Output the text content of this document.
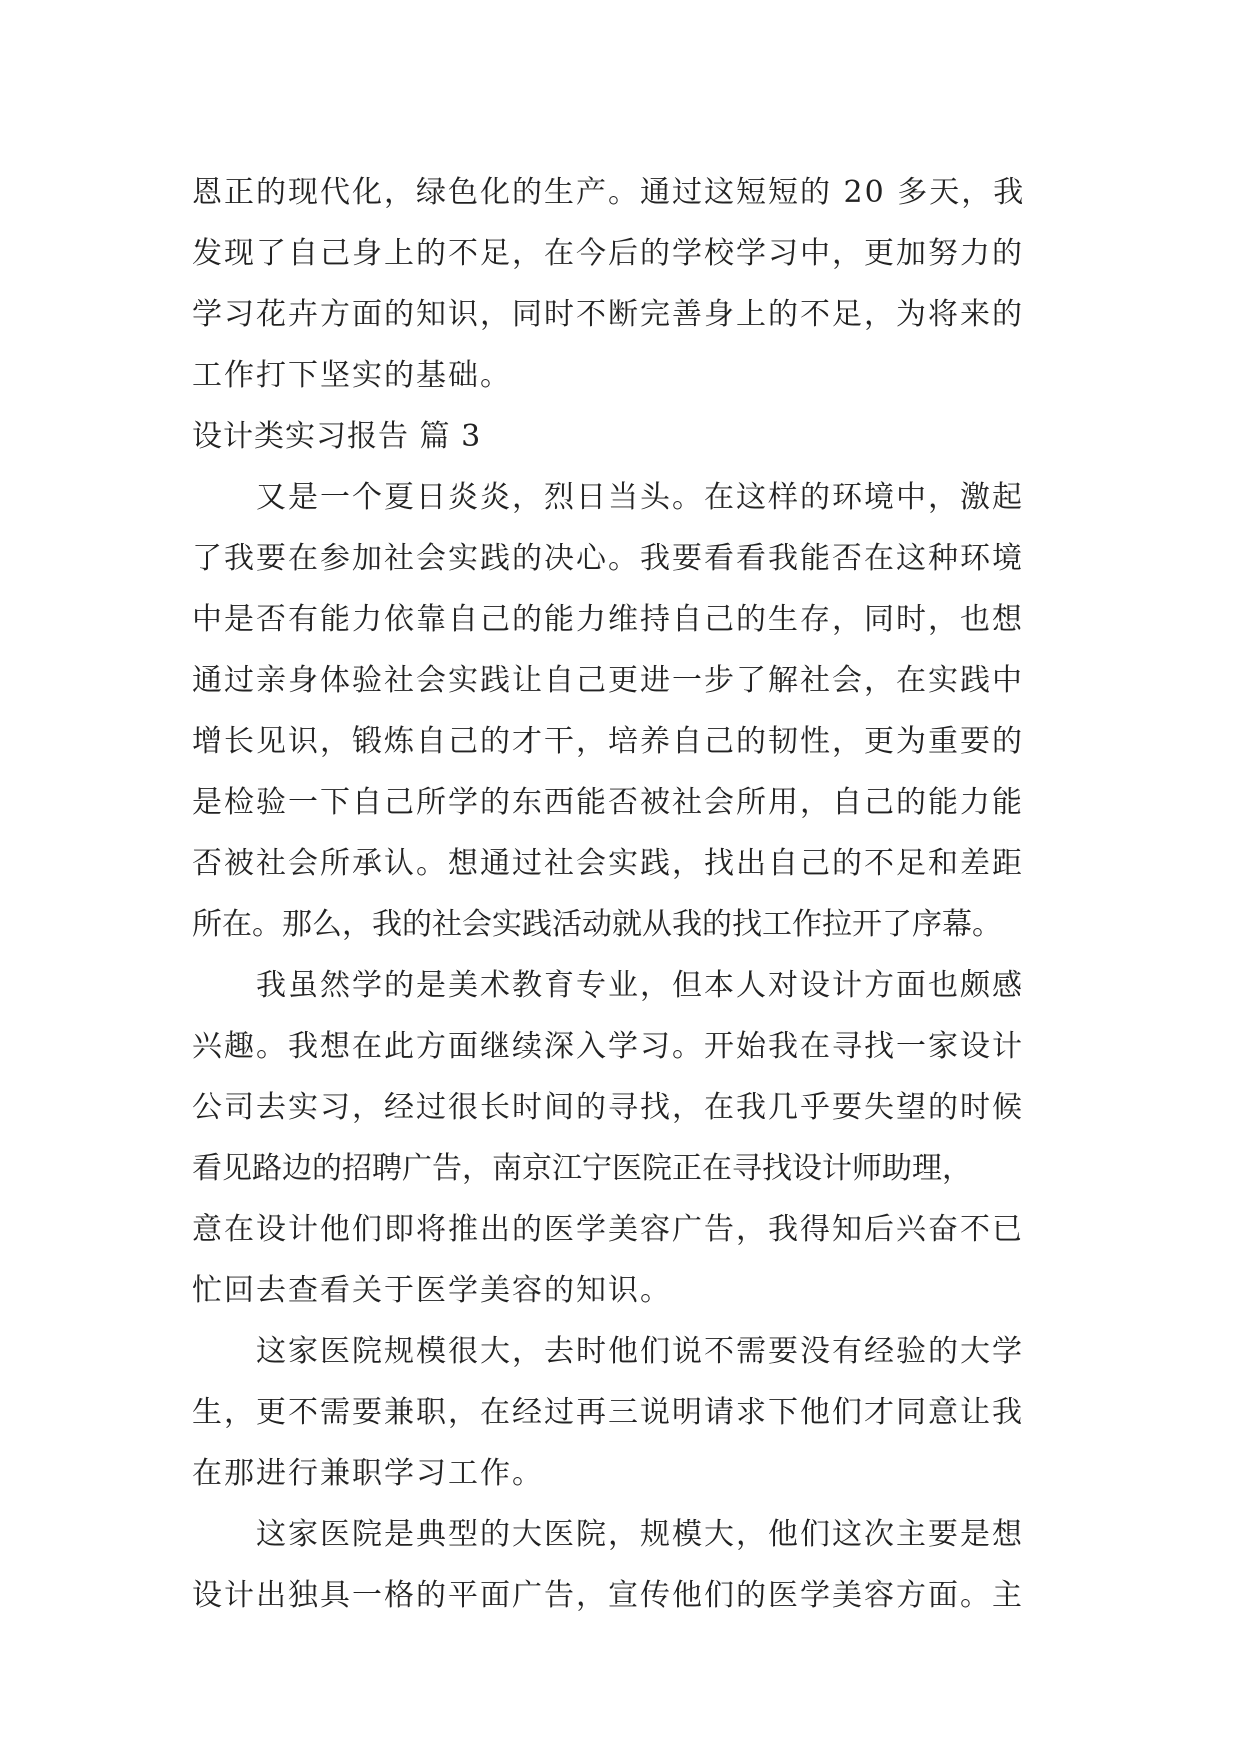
恩正的现代化，绿色化的生产。通过这短短的 20 多天，我
发现了自己身上的不足，在今后的学校学习中，更加努力的
学习花卉方面的知识，同时不断完善身上的不足，为将来的
工作打下坚实的基础。
设计类实习报告 篇 3
又是一个夏日炎炎，烈日当头。在这样的环境中，激起
了我要在参加社会实践的决心。我要看看我能否在这种环境
中是否有能力依靠自己的能力维持自己的生存，同时，也想
通过亲身体验社会实践让自己更进一步了解社会，在实践中
增长见识，锻炼自己的才干，培养自己的韧性，更为重要的
是检验一下自己所学的东西能否被社会所用，自己的能力能
否被社会所承认。想通过社会实践，找出自己的不足和差距
所在。那么，我的社会实践活动就从我的找工作拉开了序幕。
我虽然学的是美术教育专业，但本人对设计方面也颇感
兴趣。我想在此方面继续深入学习。开始我在寻找一家设计
公司去实习，经过很长时间的寻找，在我几乎要失望的时候
看见路边的招聘广告，南京江宁医院正在寻找设计师助理，
意在设计他们即将推出的医学美容广告，我得知后兴奋不已
忙回去查看关于医学美容的知识。
这家医院规模很大，去时他们说不需要没有经验的大学
生，更不需要兼职，在经过再三说明请求下他们才同意让我
在那进行兼职学习工作。
这家医院是典型的大医院，规模大，他们这次主要是想
设计出独具一格的平面广告，宣传他们的医学美容方面。主
